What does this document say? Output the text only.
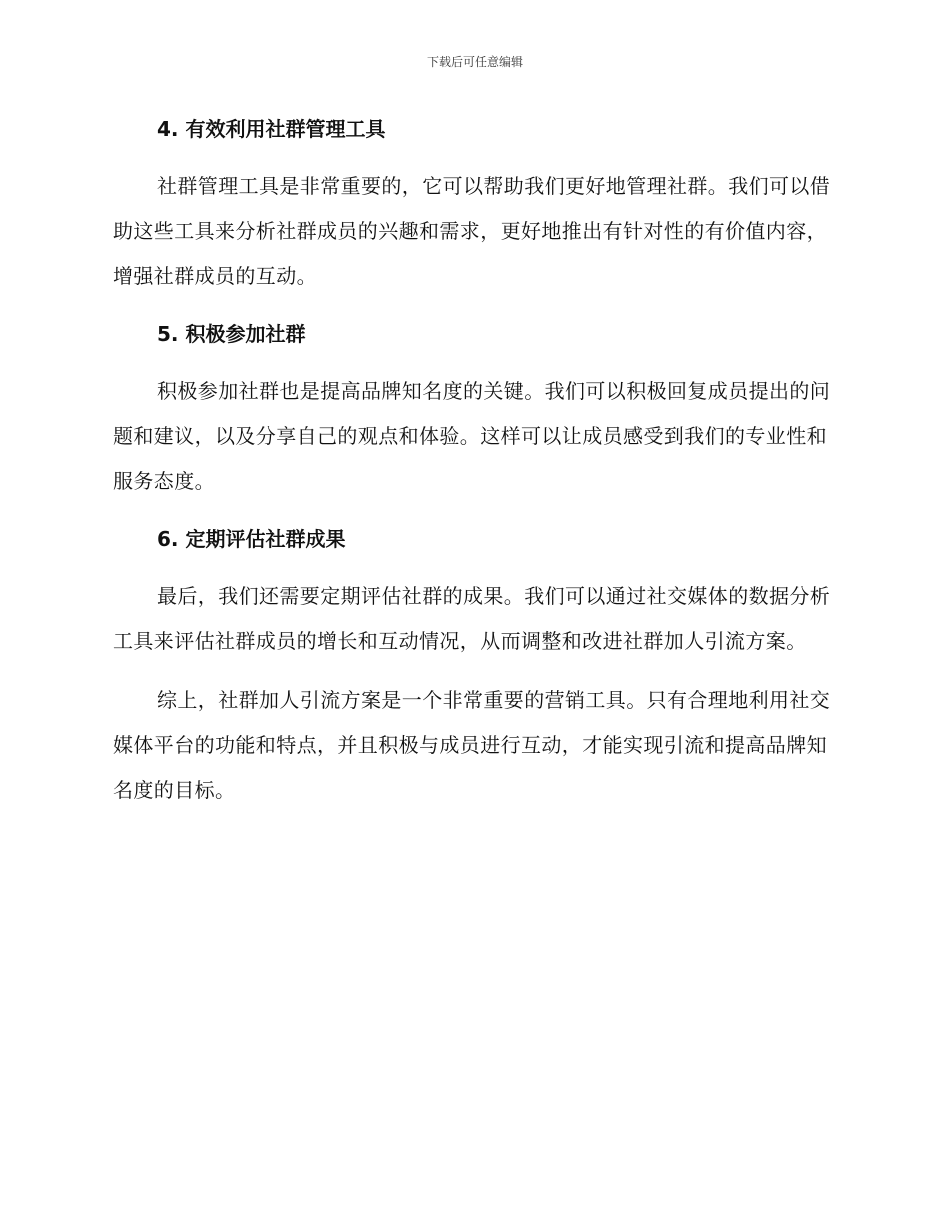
下载后可任意编辑
4. 有效利用社群管理工具

社群管理工具是非常重要的，它可以帮助我们更好地管理社群。我们可以借助这些工具来分析社群成员的兴趣和需求，更好地推出有针对性的有价值内容，增强社群成员的互动。

5. 积极参加社群

积极参加社群也是提高品牌知名度的关键。我们可以积极回复成员提出的问题和建议，以及分享自己的观点和体验。这样可以让成员感受到我们的专业性和服务态度。

6. 定期评估社群成果

最后，我们还需要定期评估社群的成果。我们可以通过社交媒体的数据分析工具来评估社群成员的增长和互动情况，从而调整和改进社群加人引流方案。

综上，社群加人引流方案是一个非常重要的营销工具。只有合理地利用社交媒体平台的功能和特点，并且积极与成员进行互动，才能实现引流和提高品牌知名度的目标。
